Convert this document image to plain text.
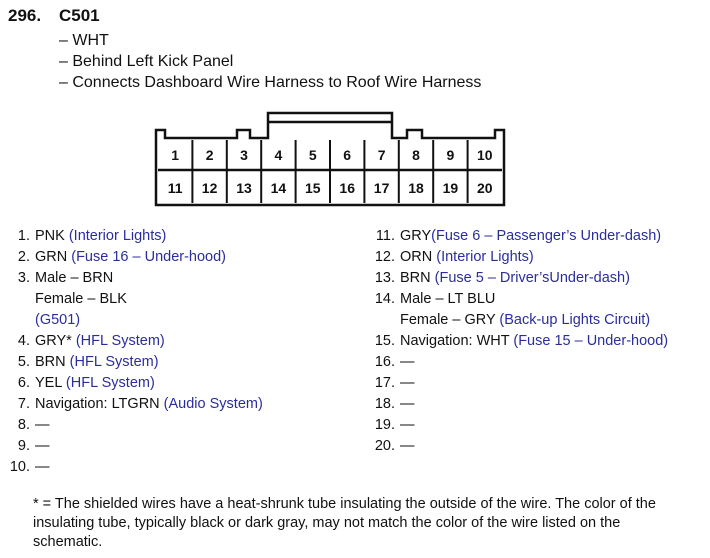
296. C501
– WHT
– Behind Left Kick Panel
– Connects Dashboard Wire Harness to Roof Wire Harness
1 2 3 4 5 6 7 8 9 10
11 12 13 14 15 16 17 18 19 20
1. PNK (Interior Lights)
2. GRN (Fuse 16 – Under-hood)
3. Male – BRN
Female – BLK
(G501)
4. GRY* (HFL System)
5. BRN (HFL System)
6. YEL (HFL System)
7. Navigation: LTGRN (Audio System)
8. —
9. —
10. —
11. GRY(Fuse 6 – Passenger’s Under-dash)
12. ORN (Interior Lights)
13. BRN (Fuse 5 – Driver’sUnder-dash)
14. Male – LT BLU
Female – GRY (Back-up Lights Circuit)
15. Navigation: WHT (Fuse 15 – Under-hood)
16. —
17. —
18. —
19. —
20. —
* = The shielded wires have a heat-shrunk tube insulating the outside of the wire. The color of the insulating tube, typically black or dark gray, may not match the color of the wire listed on the schematic.
